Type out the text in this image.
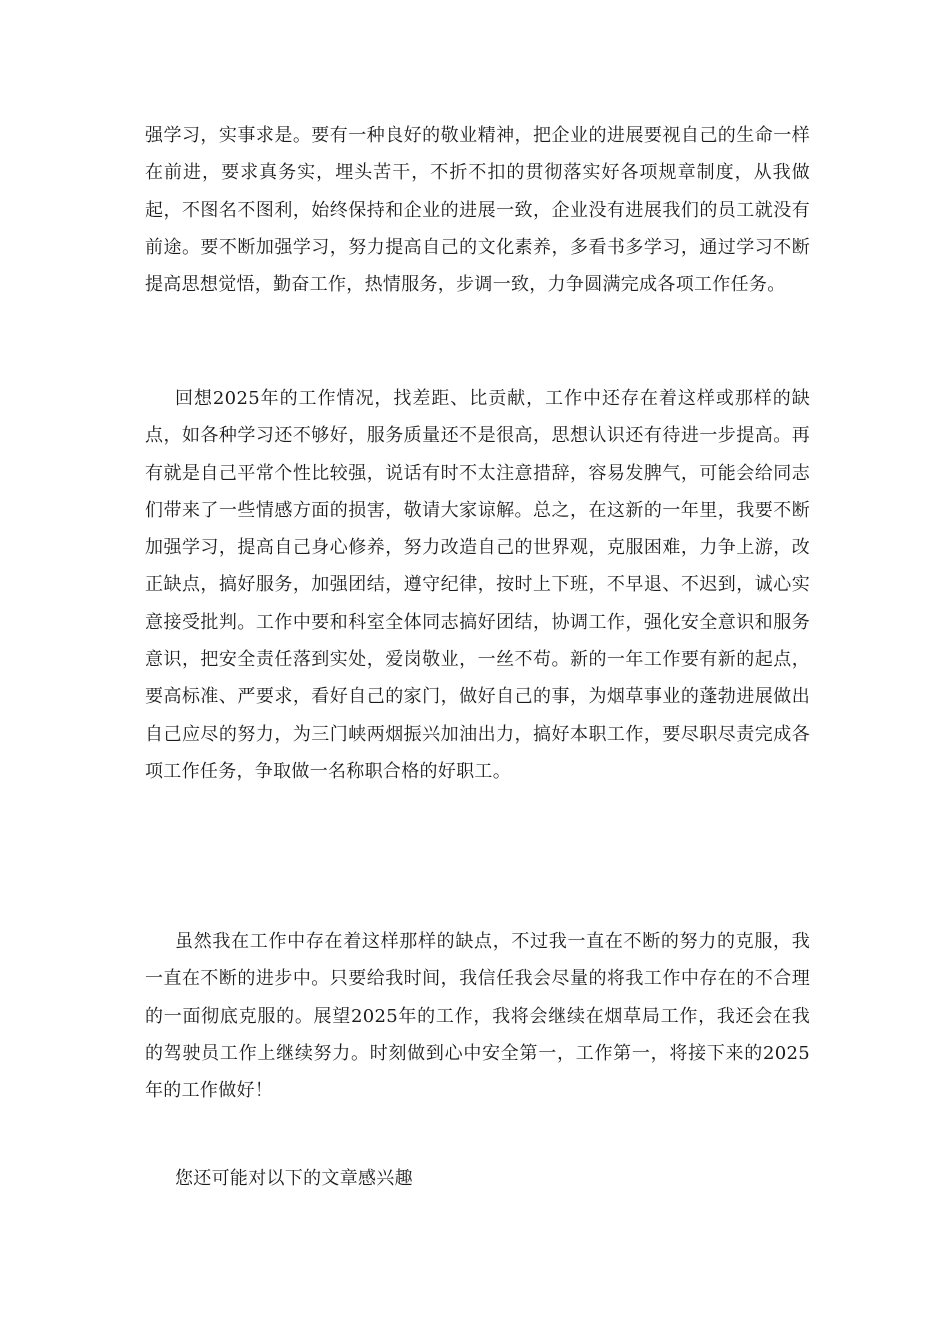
强学习，实事求是。要有一种良好的敬业精神，把企业的进展要视自己的生命一样在前进，要求真务实，埋头苦干，不折不扣的贯彻落实好各项规章制度，从我做起，不图名不图利，始终保持和企业的进展一致，企业没有进展我们的员工就没有前途。要不断加强学习，努力提高自己的文化素养，多看书多学习，通过学习不断提高思想觉悟，勤奋工作，热情服务，步调一致，力争圆满完成各项工作任务。

回想2025年的工作情况，找差距、比贡献，工作中还存在着这样或那样的缺点，如各种学习还不够好，服务质量还不是很高，思想认识还有待进一步提高。再有就是自己平常个性比较强，说话有时不太注意措辞，容易发脾气，可能会给同志们带来了一些情感方面的损害，敬请大家谅解。总之，在这新的一年里，我要不断加强学习，提高自己身心修养，努力改造自己的世界观，克服困难，力争上游，改正缺点，搞好服务，加强团结，遵守纪律，按时上下班，不早退、不迟到，诚心实意接受批判。工作中要和科室全体同志搞好团结，协调工作，强化安全意识和服务意识，把安全责任落到实处，爱岗敬业，一丝不苟。新的一年工作要有新的起点，要高标准、严要求，看好自己的家门，做好自己的事，为烟草事业的蓬勃进展做出自己应尽的努力，为三门峡两烟振兴加油出力，搞好本职工作，要尽职尽责完成各项工作任务，争取做一名称职合格的好职工。

虽然我在工作中存在着这样那样的缺点，不过我一直在不断的努力的克服，我一直在不断的进步中。只要给我时间，我信任我会尽量的将我工作中存在的不合理的一面彻底克服的。展望2025年的工作，我将会继续在烟草局工作，我还会在我的驾驶员工作上继续努力。时刻做到心中安全第一，工作第一，将接下来的2025年的工作做好！

您还可能对以下的文章感兴趣
